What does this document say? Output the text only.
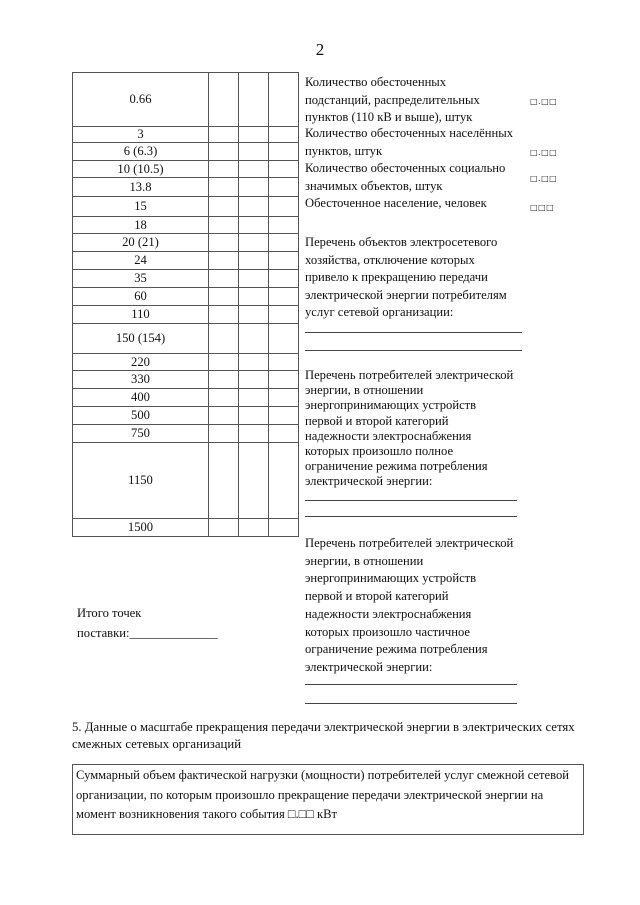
2
0.66			
3			
6 (6.3)			
10 (10.5)			
13.8			
15			
18			
20 (21)			
24			
35			
60			
110			
150 (154)			
220			
330			
400			
500			
750			
1150			
1500			
Количество обесточенных
подстанций, распределительных
пунктов (110 кВ и выше), штук
□.□□
Количество обесточенных населённых
пунктов, штук	□.□□
Количество обесточенных социально
значимых объектов, штук	□.□□
Обесточенное население, человек	□□□
Перечень объектов электросетевого
хозяйства, отключение которых
привело к прекращению передачи
электрической энергии потребителям
услуг сетевой организации:
Перечень потребителей электрической
энергии, в отношении
энергопринимающих устройств
первой и второй категорий
надежности электроснабжения
которых произошло полное
ограничение режима потребления
электрической энергии:
Перечень потребителей электрической
энергии, в отношении
энергопринимающих устройств
первой и второй категорий
надежности электроснабжения
которых произошло частичное
ограничение режима потребления
электрической энергии:
Итого точек
поставки:______________
5. Данные о масштабе прекращения передачи электрической энергии в электрических сетях
смежных сетевых организаций
Суммарный объем фактической нагрузки (мощности) потребителей услуг смежной сетевой
организации, по которым произошло прекращение передачи электрической энергии на
момент возникновения такого события □.□□ кВт
